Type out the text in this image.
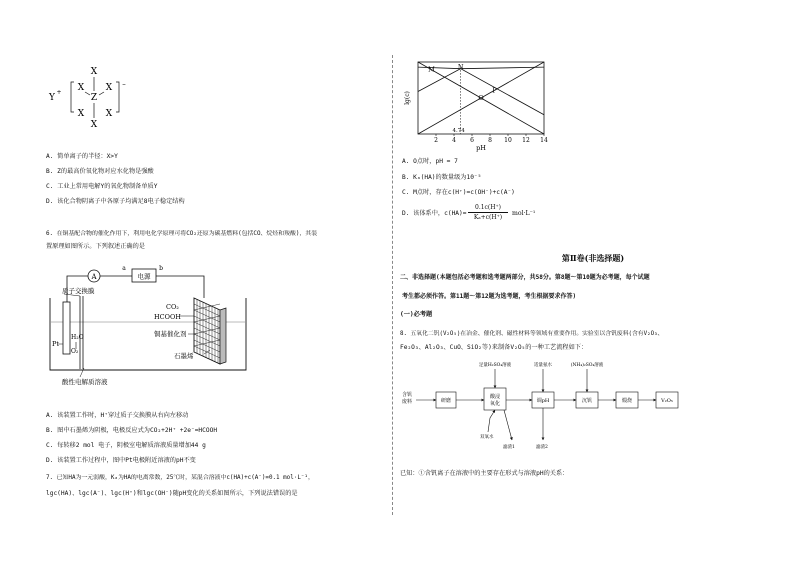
X
X
Z
X
X X
X
Y
+
–
A. 简单离子的半径：X>Y
B. Z的最高价氧化物对应水化物是强酸
C. 工业上常用电解Y的氧化物制备单质Y
D. 该化合物阴离子中各原子均满足8电子稳定结构
6. 在铜基配合物的催化作用下，利用电化学原理可将CO₂还原为碳基燃料(包括CO、烷烃和羧酸)，其装
置原理如图所示。下列叙述正确的是
A	电源
a	b
质子交换膜
Pt
H₂O
O₂
CO₂
HCOOH
铜基催化剂
石墨烯
酸性电解质溶液
A. 该装置工作时，H⁺穿过质子交换膜从右向左移动
B. 图中石墨烯为阴极，电极反应式为CO₂+2H⁺ +2e⁻=HCOOH
C. 每转移2 mol 电子，阴极室电解质溶液质量增加44 g
D. 该装置工作过程中，图中Pt电极附近溶液的pH不变
7. 已知HA为一元弱酸，Kₐ为HA的电离常数，25℃时，某混合溶液中c(HA)+c(A⁻)=0.1 mol·L⁻¹，
lgc(HA)、lgc(A⁻)、lgc(H⁺)和lgc(OH⁻)随pH变化的关系如图所示，下列说法错误的是
lg(c)
pH
2 4 6 8 10 12 14
4.74
M	N
O
P
A. O点时，pH = 7
B. Kₐ(HA)的数量级为10⁻⁵
C. M点时，存在c(H⁺)=c(OH⁻)+c(A⁻)
D. 该体系中，$c(HA)= \frac{0.1c(H^+)}{\text{Kₐ+c(H⁺)}} mol\cdot L^{-1}$
第Ⅱ卷(非选择题)
二、非选择题(本题包括必考题和选考题两部分，共58分。第8题～第10题为必考题，每个试题
考生都必须作答。第11题～第12题为选考题，考生根据要求作答)
(一)必考题
8. 五氧化二钒(V₂O₅)在冶金、催化剂、磁性材料等领域有重要作用。实验室以含钒废料(含有V₂O₃、
Fe₂O₃、Al₂O₃、CuO、SiO₂等)来制备V₂O₅的一种工艺流程如下：
含钒
废料	研磨
酸浸
氧化
足量H₂SO₄溶液
调pH
适量氨水
沉钒
(NH₄)₂SO₄溶液
煅烧	V₂O₅
双氧水
滤渣1	滤渣2
已知：①含钒离子在溶液中的主要存在形式与溶液pH的关系：
